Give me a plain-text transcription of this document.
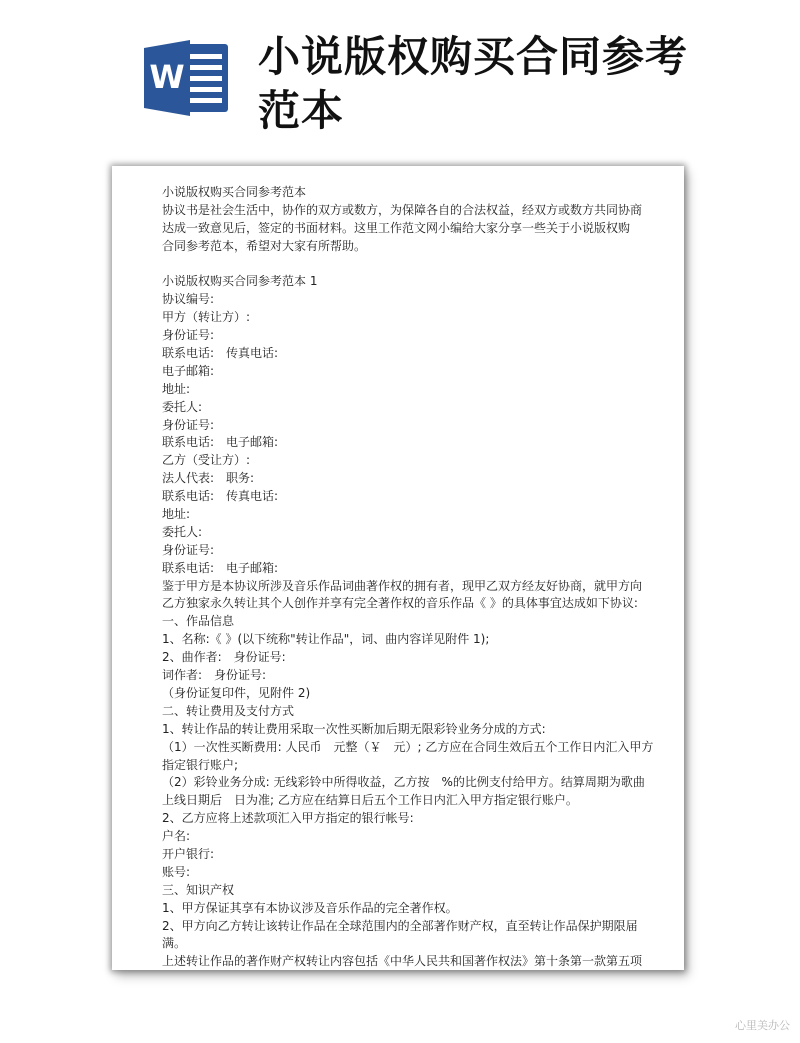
W 小说版权购买合同参考范本
小说版权购买合同参考范本
协议书是社会生活中，协作的双方或数方，为保障各自的合法权益，经双方或数方共同协商
达成一致意见后，签定的书面材料。这里工作范文网小编给大家分享一些关于小说版权购
合同参考范本，希望对大家有所帮助。
小说版权购买合同参考范本 1
协议编号:
甲方（转让方）:
身份证号:
联系电话:　传真电话:
电子邮箱:
地址:
委托人:
身份证号:
联系电话:　电子邮箱:
乙方（受让方）:
法人代表:　职务:
联系电话:　传真电话:
地址:
委托人:
身份证号:
联系电话:　电子邮箱:
鉴于甲方是本协议所涉及音乐作品词曲著作权的拥有者，现甲乙双方经友好协商，就甲方向
乙方独家永久转让其个人创作并享有完全著作权的音乐作品《 》的具体事宜达成如下协议:
一、作品信息
1、名称:《 》(以下统称"转让作品"，词、曲内容详见附件 1);
2、曲作者:　身份证号:
词作者:　身份证号:
（身份证复印件，见附件 2)
二、转让费用及支付方式
1、转让作品的转让费用采取一次性买断加后期无限彩铃业务分成的方式:
（1）一次性买断费用: 人民币　元整（￥　元）; 乙方应在合同生效后五个工作日内汇入甲方
指定银行账户;
（2）彩铃业务分成: 无线彩铃中所得收益，乙方按　%的比例支付给甲方。结算周期为歌曲
上线日期后　日为准; 乙方应在结算日后五个工作日内汇入甲方指定银行账户。
2、乙方应将上述款项汇入甲方指定的银行帐号:
户名:
开户银行:
账号:
三、知识产权
1、甲方保证其享有本协议涉及音乐作品的完全著作权。
2、甲方向乙方转让该转让作品在全球范围内的全部著作财产权，直至转让作品保护期限届
满。
上述转让作品的著作财产权转让内容包括《中华人民共和国著作权法》第十条第一款第五项
心里美办公
